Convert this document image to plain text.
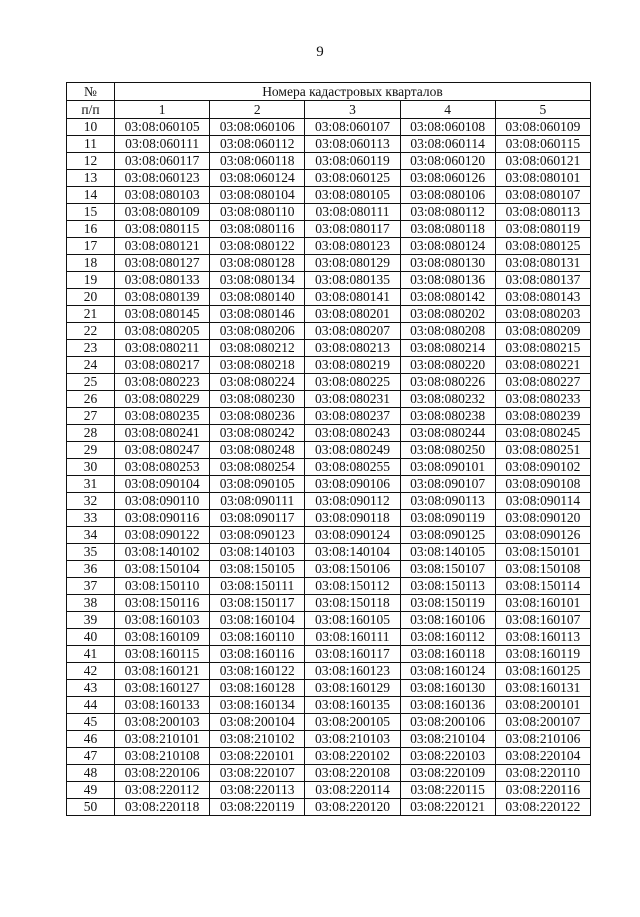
9
№	Номера кадастровых кварталов				
п/п	1	2	3	4	5
10	03:08:060105	03:08:060106	03:08:060107	03:08:060108	03:08:060109
11	03:08:060111	03:08:060112	03:08:060113	03:08:060114	03:08:060115
12	03:08:060117	03:08:060118	03:08:060119	03:08:060120	03:08:060121
13	03:08:060123	03:08:060124	03:08:060125	03:08:060126	03:08:080101
14	03:08:080103	03:08:080104	03:08:080105	03:08:080106	03:08:080107
15	03:08:080109	03:08:080110	03:08:080111	03:08:080112	03:08:080113
16	03:08:080115	03:08:080116	03:08:080117	03:08:080118	03:08:080119
17	03:08:080121	03:08:080122	03:08:080123	03:08:080124	03:08:080125
18	03:08:080127	03:08:080128	03:08:080129	03:08:080130	03:08:080131
19	03:08:080133	03:08:080134	03:08:080135	03:08:080136	03:08:080137
20	03:08:080139	03:08:080140	03:08:080141	03:08:080142	03:08:080143
21	03:08:080145	03:08:080146	03:08:080201	03:08:080202	03:08:080203
22	03:08:080205	03:08:080206	03:08:080207	03:08:080208	03:08:080209
23	03:08:080211	03:08:080212	03:08:080213	03:08:080214	03:08:080215
24	03:08:080217	03:08:080218	03:08:080219	03:08:080220	03:08:080221
25	03:08:080223	03:08:080224	03:08:080225	03:08:080226	03:08:080227
26	03:08:080229	03:08:080230	03:08:080231	03:08:080232	03:08:080233
27	03:08:080235	03:08:080236	03:08:080237	03:08:080238	03:08:080239
28	03:08:080241	03:08:080242	03:08:080243	03:08:080244	03:08:080245
29	03:08:080247	03:08:080248	03:08:080249	03:08:080250	03:08:080251
30	03:08:080253	03:08:080254	03:08:080255	03:08:090101	03:08:090102
31	03:08:090104	03:08:090105	03:08:090106	03:08:090107	03:08:090108
32	03:08:090110	03:08:090111	03:08:090112	03:08:090113	03:08:090114
33	03:08:090116	03:08:090117	03:08:090118	03:08:090119	03:08:090120
34	03:08:090122	03:08:090123	03:08:090124	03:08:090125	03:08:090126
35	03:08:140102	03:08:140103	03:08:140104	03:08:140105	03:08:150101
36	03:08:150104	03:08:150105	03:08:150106	03:08:150107	03:08:150108
37	03:08:150110	03:08:150111	03:08:150112	03:08:150113	03:08:150114
38	03:08:150116	03:08:150117	03:08:150118	03:08:150119	03:08:160101
39	03:08:160103	03:08:160104	03:08:160105	03:08:160106	03:08:160107
40	03:08:160109	03:08:160110	03:08:160111	03:08:160112	03:08:160113
41	03:08:160115	03:08:160116	03:08:160117	03:08:160118	03:08:160119
42	03:08:160121	03:08:160122	03:08:160123	03:08:160124	03:08:160125
43	03:08:160127	03:08:160128	03:08:160129	03:08:160130	03:08:160131
44	03:08:160133	03:08:160134	03:08:160135	03:08:160136	03:08:200101
45	03:08:200103	03:08:200104	03:08:200105	03:08:200106	03:08:200107
46	03:08:210101	03:08:210102	03:08:210103	03:08:210104	03:08:210106
47	03:08:210108	03:08:220101	03:08:220102	03:08:220103	03:08:220104
48	03:08:220106	03:08:220107	03:08:220108	03:08:220109	03:08:220110
49	03:08:220112	03:08:220113	03:08:220114	03:08:220115	03:08:220116
50	03:08:220118	03:08:220119	03:08:220120	03:08:220121	03:08:220122
